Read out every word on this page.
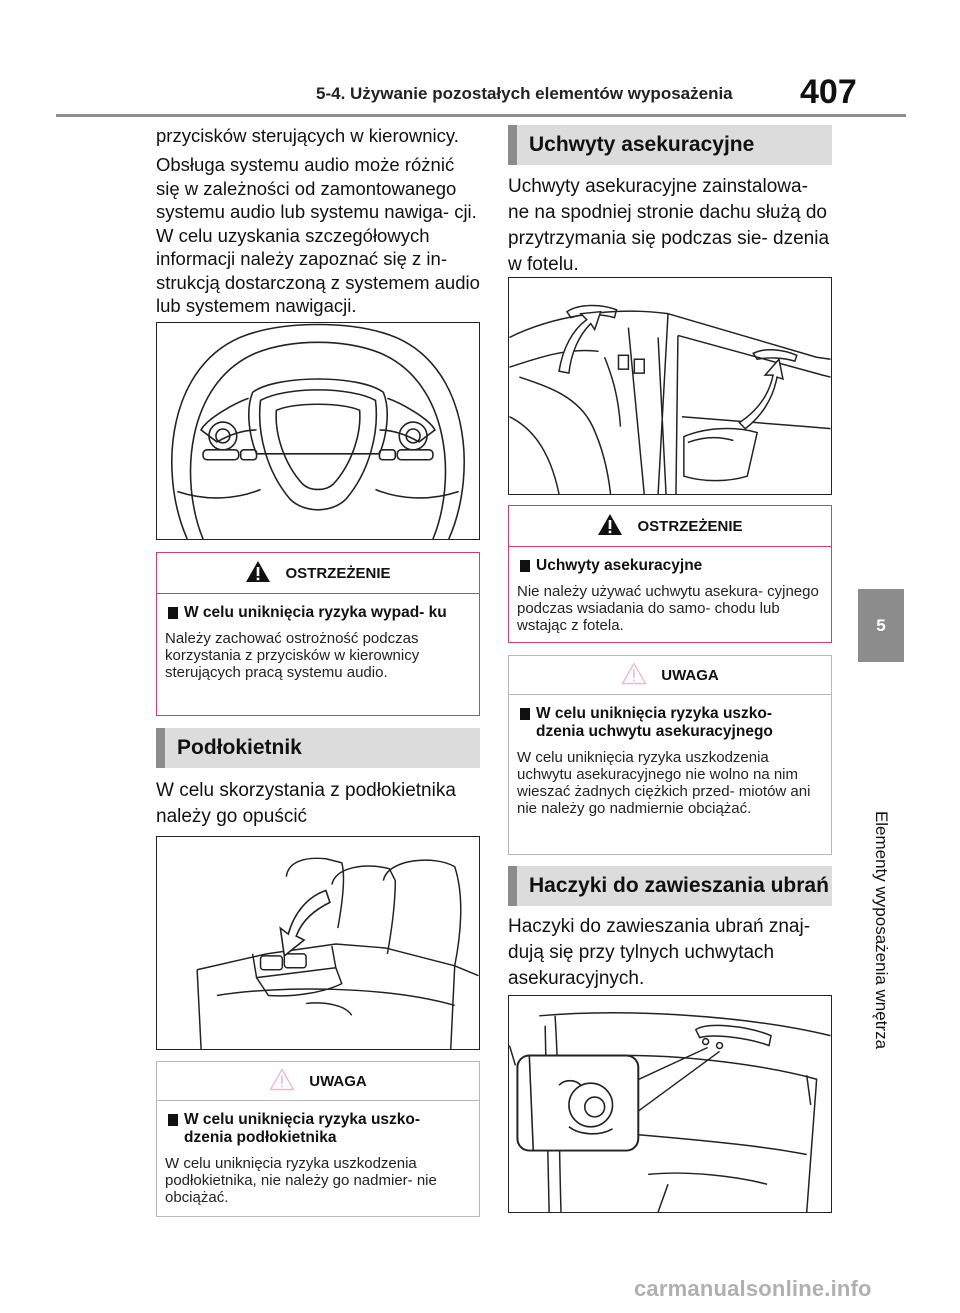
5-4. Używanie pozostałych elementów wyposażenia 407
5
Elementy wyposażenia wnętrza

przycisków sterujących w kierownicy.

Obsługa systemu audio może różnić się w zależności od zamontowanego systemu audio lub systemu nawiga- cji. W celu uzyskania szczegółowych informacji należy zapoznać się z in- strukcją dostarczoną z systemem audio lub systemem nawigacji.

OSTRZEŻENIE
W celu uniknięcia ryzyka wypad- ku

Należy zachować ostrożność podczas korzystania z przycisków w kierownicy sterujących pracą systemu audio.

Podłokietnik

W celu skorzystania z podłokietnika należy go opuścić

UWAGA
W celu uniknięcia ryzyka uszko- dzenia podłokietnika

W celu uniknięcia ryzyka uszkodzenia podłokietnika, nie należy go nadmier- nie obciążać.

Uchwyty asekuracyjne

Uchwyty asekuracyjne zainstalowa- ne na spodniej stronie dachu służą do przytrzymania się podczas sie- dzenia w fotelu.

OSTRZEŻENIE
Uchwyty asekuracyjne

Nie należy używać uchwytu asekura- cyjnego podczas wsiadania do samo- chodu lub wstając z fotela.

UWAGA
W celu uniknięcia ryzyka uszko- dzenia uchwytu asekuracyjnego

W celu uniknięcia ryzyka uszkodzenia uchwytu asekuracyjnego nie wolno na nim wieszać żadnych ciężkich przed- miotów ani nie należy go nadmiernie obciążać.

Haczyki do zawieszania ubrań

Haczyki do zawieszania ubrań znaj- dują się przy tylnych uchwytach asekuracyjnych.

carmanualsonline.info
